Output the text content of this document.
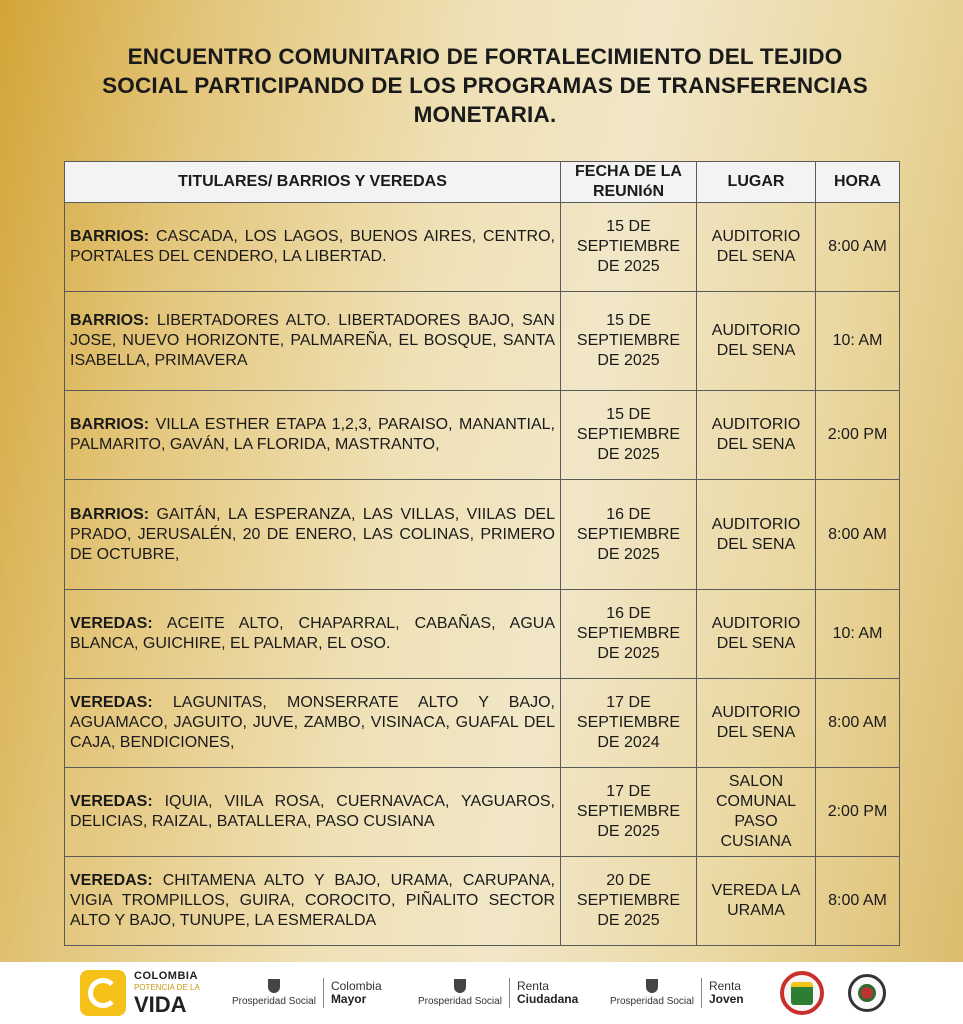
ENCUENTRO COMUNITARIO DE FORTALECIMIENTO DEL TEJIDO
SOCIAL PARTICIPANDO DE LOS PROGRAMAS DE TRANSFERENCIAS
MONETARIA.
TITULARES/ BARRIOS Y VEREDAS	FECHA DE LA REUNIóN	LUGAR	HORA
BARRIOS: CASCADA, LOS LAGOS, BUENOS AIRES, CENTRO, PORTALES DEL CENDERO, LA LIBERTAD.	15 DE SEPTIEMBRE DE 2025	AUDITORIO DEL SENA	8:00 AM
BARRIOS: LIBERTADORES ALTO. LIBERTADORES BAJO, SAN JOSE, NUEVO HORIZONTE, PALMAREÑA, EL BOSQUE, SANTA ISABELLA, PRIMAVERA	15 DE SEPTIEMBRE DE 2025	AUDITORIO DEL SENA	10: AM
BARRIOS: VILLA ESTHER ETAPA 1,2,3, PARAISO, MANANTIAL, PALMARITO, GAVÁN, LA FLORIDA, MASTRANTO,	15 DE SEPTIEMBRE DE 2025	AUDITORIO DEL SENA	2:00 PM
BARRIOS: GAITÁN, LA ESPERANZA, LAS VILLAS, VIILAS DEL PRADO, JERUSALÉN, 20 DE ENERO, LAS COLINAS, PRIMERO DE OCTUBRE,	16 DE SEPTIEMBRE DE 2025	AUDITORIO DEL SENA	8:00 AM
VEREDAS: ACEITE ALTO, CHAPARRAL, CABAÑAS, AGUA BLANCA, GUICHIRE, EL PALMAR, EL OSO.	16 DE SEPTIEMBRE DE 2025	AUDITORIO DEL SENA	10: AM
VEREDAS: LAGUNITAS, MONSERRATE ALTO Y BAJO, AGUAMACO, JAGUITO, JUVE, ZAMBO, VISINACA, GUAFAL DEL CAJA, BENDICIONES,	17 DE SEPTIEMBRE DE 2024	AUDITORIO DEL SENA	8:00 AM
VEREDAS: IQUIA, VIILA ROSA, CUERNAVACA, YAGUAROS, DELICIAS, RAIZAL, BATALLERA, PASO CUSIANA	17 DE SEPTIEMBRE DE 2025	SALON COMUNAL PASO CUSIANA	2:00 PM
VEREDAS: CHITAMENA ALTO Y BAJO, URAMA, CARUPANA, VIGIA TROMPILLOS, GUIRA, COROCITO, PIÑALITO SECTOR ALTO Y BAJO, TUNUPE, LA ESMERALDA	20 DE SEPTIEMBRE DE 2025	VEREDA LA URAMA	8:00 AM
COLOMBIA
POTENCIA DE LA
VIDA	Prosperidad Social
Colombia
Mayor	Prosperidad Social
Renta
Ciudadana	Prosperidad Social
Renta
Joven
